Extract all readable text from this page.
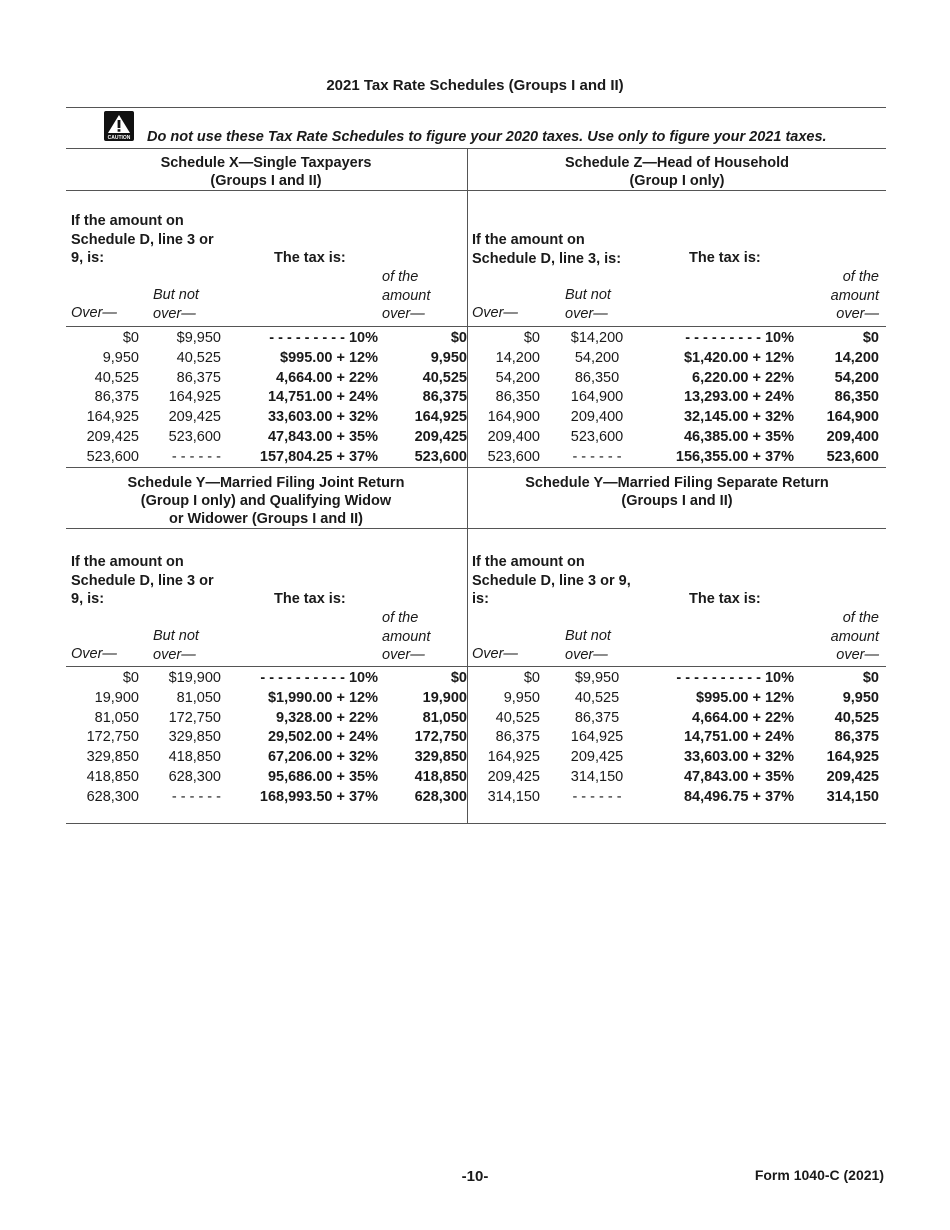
2021 Tax Rate Schedules (Groups I and II)
CAUTION Do not use these Tax Rate Schedules to figure your 2020 taxes. Use only to figure your 2021 taxes.
Schedule X—Single Taxpayers
(Groups I and II)
Schedule Z—Head of Household
(Group I only)
If the amount on
Schedule D, line 3 or
9, is:	The tax is:
of the
amount
over—
But not
over—
Over—
If the amount on
Schedule D, line 3, is:	The tax is:
of the
amount
over—
But not
over—
Over—
$0	$9,950	- - - - - - - - - 10%	$0
9,950	40,525	$995.00 + 12%	9,950
40,525	86,375	4,664.00 + 22%	40,525
86,375	164,925	14,751.00 + 24%	86,375
164,925	209,425	33,603.00 + 32%	164,925
209,425	523,600	47,843.00 + 35%	209,425
523,600	- - - - - -	157,804.25 + 37%	523,600
$0	$14,200	- - - - - - - - - 10%	$0
14,200	54,200	$1,420.00 + 12%	14,200
54,200	86,350	6,220.00 + 22%	54,200
86,350	164,900	13,293.00 + 24%	86,350
164,900	209,400	32,145.00 + 32%	164,900
209,400	523,600	46,385.00 + 35%	209,400
523,600	- - - - - -	156,355.00 + 37%	523,600
Schedule Y—Married Filing Joint Return
(Group I only) and Qualifying Widow
or Widower (Groups I and II)
Schedule Y—Married Filing Separate Return
(Groups I and II)
If the amount on
Schedule D, line 3 or
9, is:	The tax is:
of the
amount
over—
But not
over—
Over—
If the amount on
Schedule D, line 3 or 9,
is:	The tax is:
of the
amount
over—
But not
over—
Over—
$0	$19,900	- - - - - - - - - - 10%	$0
19,900	81,050	$1,990.00 + 12%	19,900
81,050	172,750	9,328.00 + 22%	81,050
172,750	329,850	29,502.00 + 24%	172,750
329,850	418,850	67,206.00 + 32%	329,850
418,850	628,300	95,686.00 + 35%	418,850
628,300	- - - - - -	168,993.50 + 37%	628,300
$0	$9,950	- - - - - - - - - - 10%	$0
9,950	40,525	$995.00 + 12%	9,950
40,525	86,375	4,664.00 + 22%	40,525
86,375	164,925	14,751.00 + 24%	86,375
164,925	209,425	33,603.00 + 32%	164,925
209,425	314,150	47,843.00 + 35%	209,425
314,150	- - - - - -	84,496.75 + 37%	314,150
-10-	Form 1040-C (2021)
